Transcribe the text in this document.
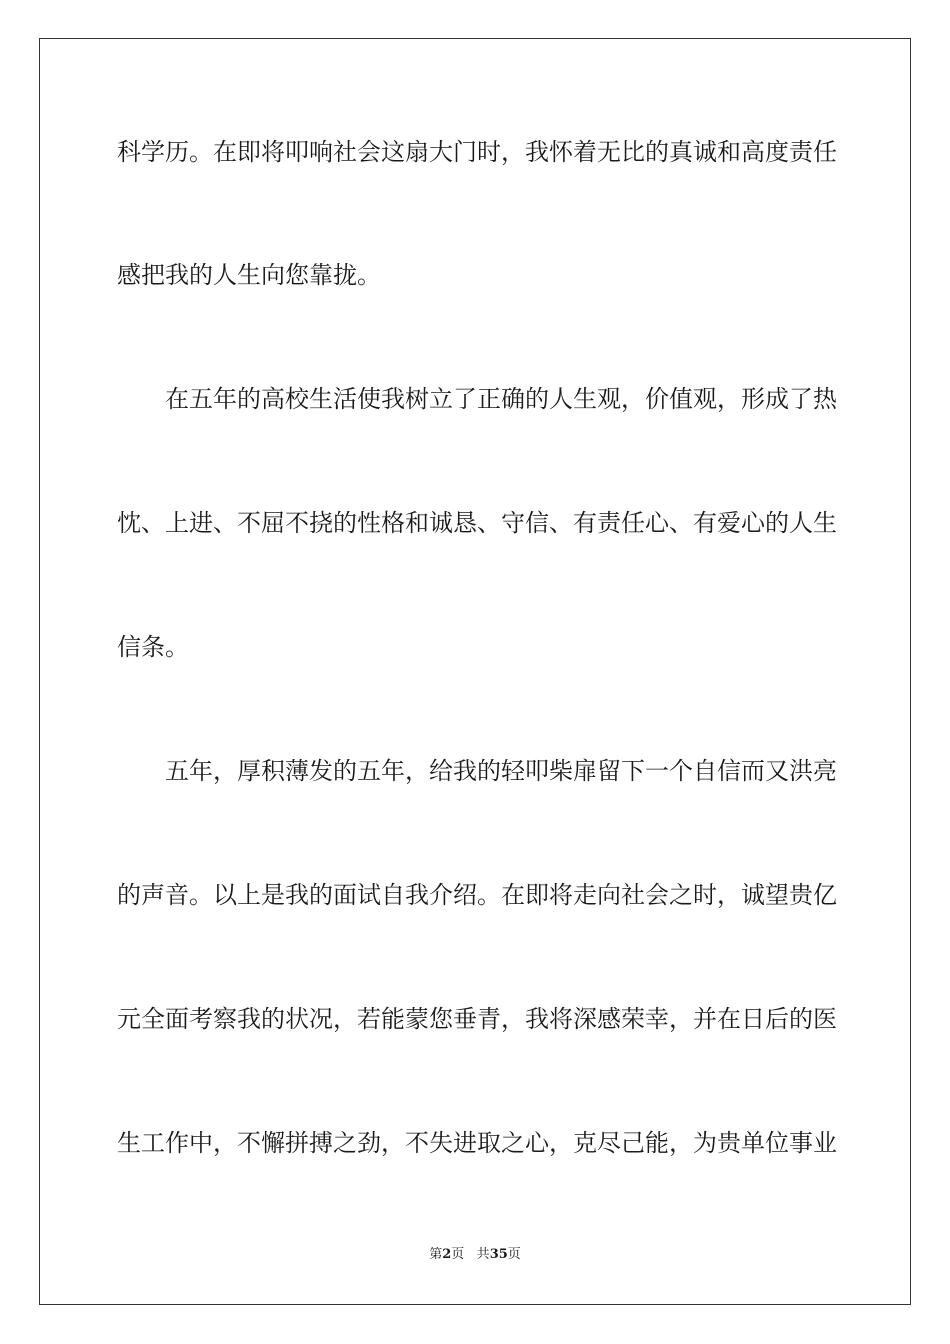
科学历。在即将叩响社会这扇大门时，我怀着无比的真诚和高度责任
感把我的人生向您靠拢。
在五年的高校生活使我树立了正确的人生观，价值观，形成了热
忱、上进、不屈不挠的性格和诚恳、守信、有责任心、有爱心的人生
信条。
五年，厚积薄发的五年，给我的轻叩柴扉留下一个自信而又洪亮
的声音。以上是我的面试自我介绍。在即将走向社会之时，诚望贵亿
元全面考察我的状况，若能蒙您垂青，我将深感荣幸，并在日后的医
生工作中，不懈拼搏之劲，不失进取之心，克尽己能，为贵单位事业
第2页 共35页
